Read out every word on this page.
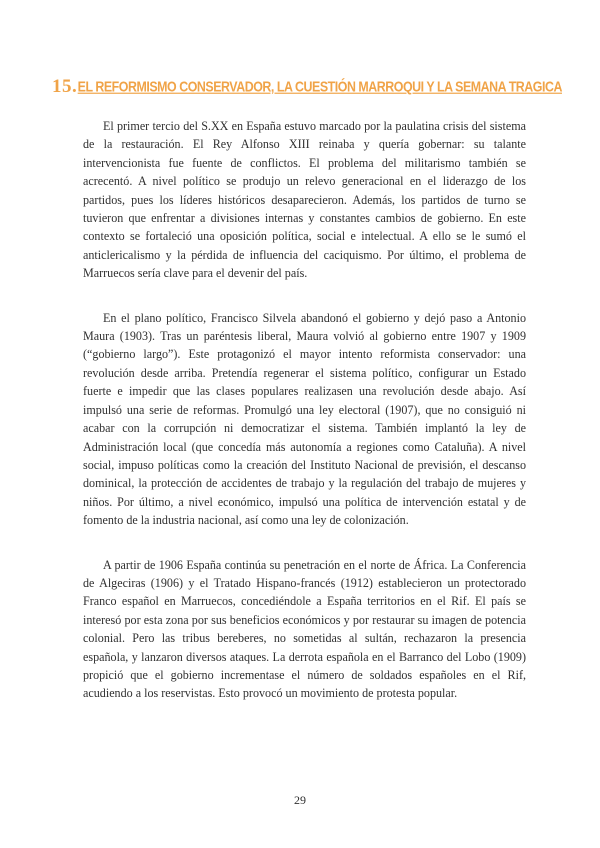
15. EL REFORMISMO CONSERVADOR, LA CUESTIÓN MARROQUI Y LA SEMANA TRAGICA

El primer tercio del S.XX en España estuvo marcado por la paulatina crisis del sistema de la restauración. El Rey Alfonso XIII reinaba y quería gobernar: su talante intervencionista fue fuente de conflictos. El problema del militarismo también se acrecentó. A nivel político se produjo un relevo generacional en el liderazgo de los partidos, pues los líderes históricos desaparecieron. Además, los partidos de turno se tuvieron que enfrentar a divisiones internas y constantes cambios de gobierno. En este contexto se fortaleció una oposición política, social e intelectual. A ello se le sumó el anticlericalismo y la pérdida de influencia del caciquismo. Por último, el problema de Marruecos sería clave para el devenir del país.

En el plano político, Francisco Silvela abandonó el gobierno y dejó paso a Antonio Maura (1903). Tras un paréntesis liberal, Maura volvió al gobierno entre 1907 y 1909 (“gobierno largo”). Este protagonizó el mayor intento reformista conservador: una revolución desde arriba. Pretendía regenerar el sistema político, configurar un Estado fuerte e impedir que las clases populares realizasen una revolución desde abajo. Así impulsó una serie de reformas. Promulgó una ley electoral (1907), que no consiguió ni acabar con la corrupción ni democratizar el sistema. También implantó la ley de Administración local (que concedía más autonomía a regiones como Cataluña). A nivel social, impuso políticas como la creación del Instituto Nacional de previsión, el descanso dominical, la protección de accidentes de trabajo y la regulación del trabajo de mujeres y niños. Por último, a nivel económico, impulsó una política de intervención estatal y de fomento de la industria nacional, así como una ley de colonización.

A partir de 1906 España continúa su penetración en el norte de África. La Conferencia de Algeciras (1906) y el Tratado Hispano-francés (1912) establecieron un protectorado Franco español en Marruecos, concediéndole a España territorios en el Rif. El país se interesó por esta zona por sus beneficios económicos y por restaurar su imagen de potencia colonial. Pero las tribus bereberes, no sometidas al sultán, rechazaron la presencia española, y lanzaron diversos ataques. La derrota española en el Barranco del Lobo (1909) propició que el gobierno incrementase el número de soldados españoles en el Rif, acudiendo a los reservistas. Esto provocó un movimiento de protesta popular.

29
